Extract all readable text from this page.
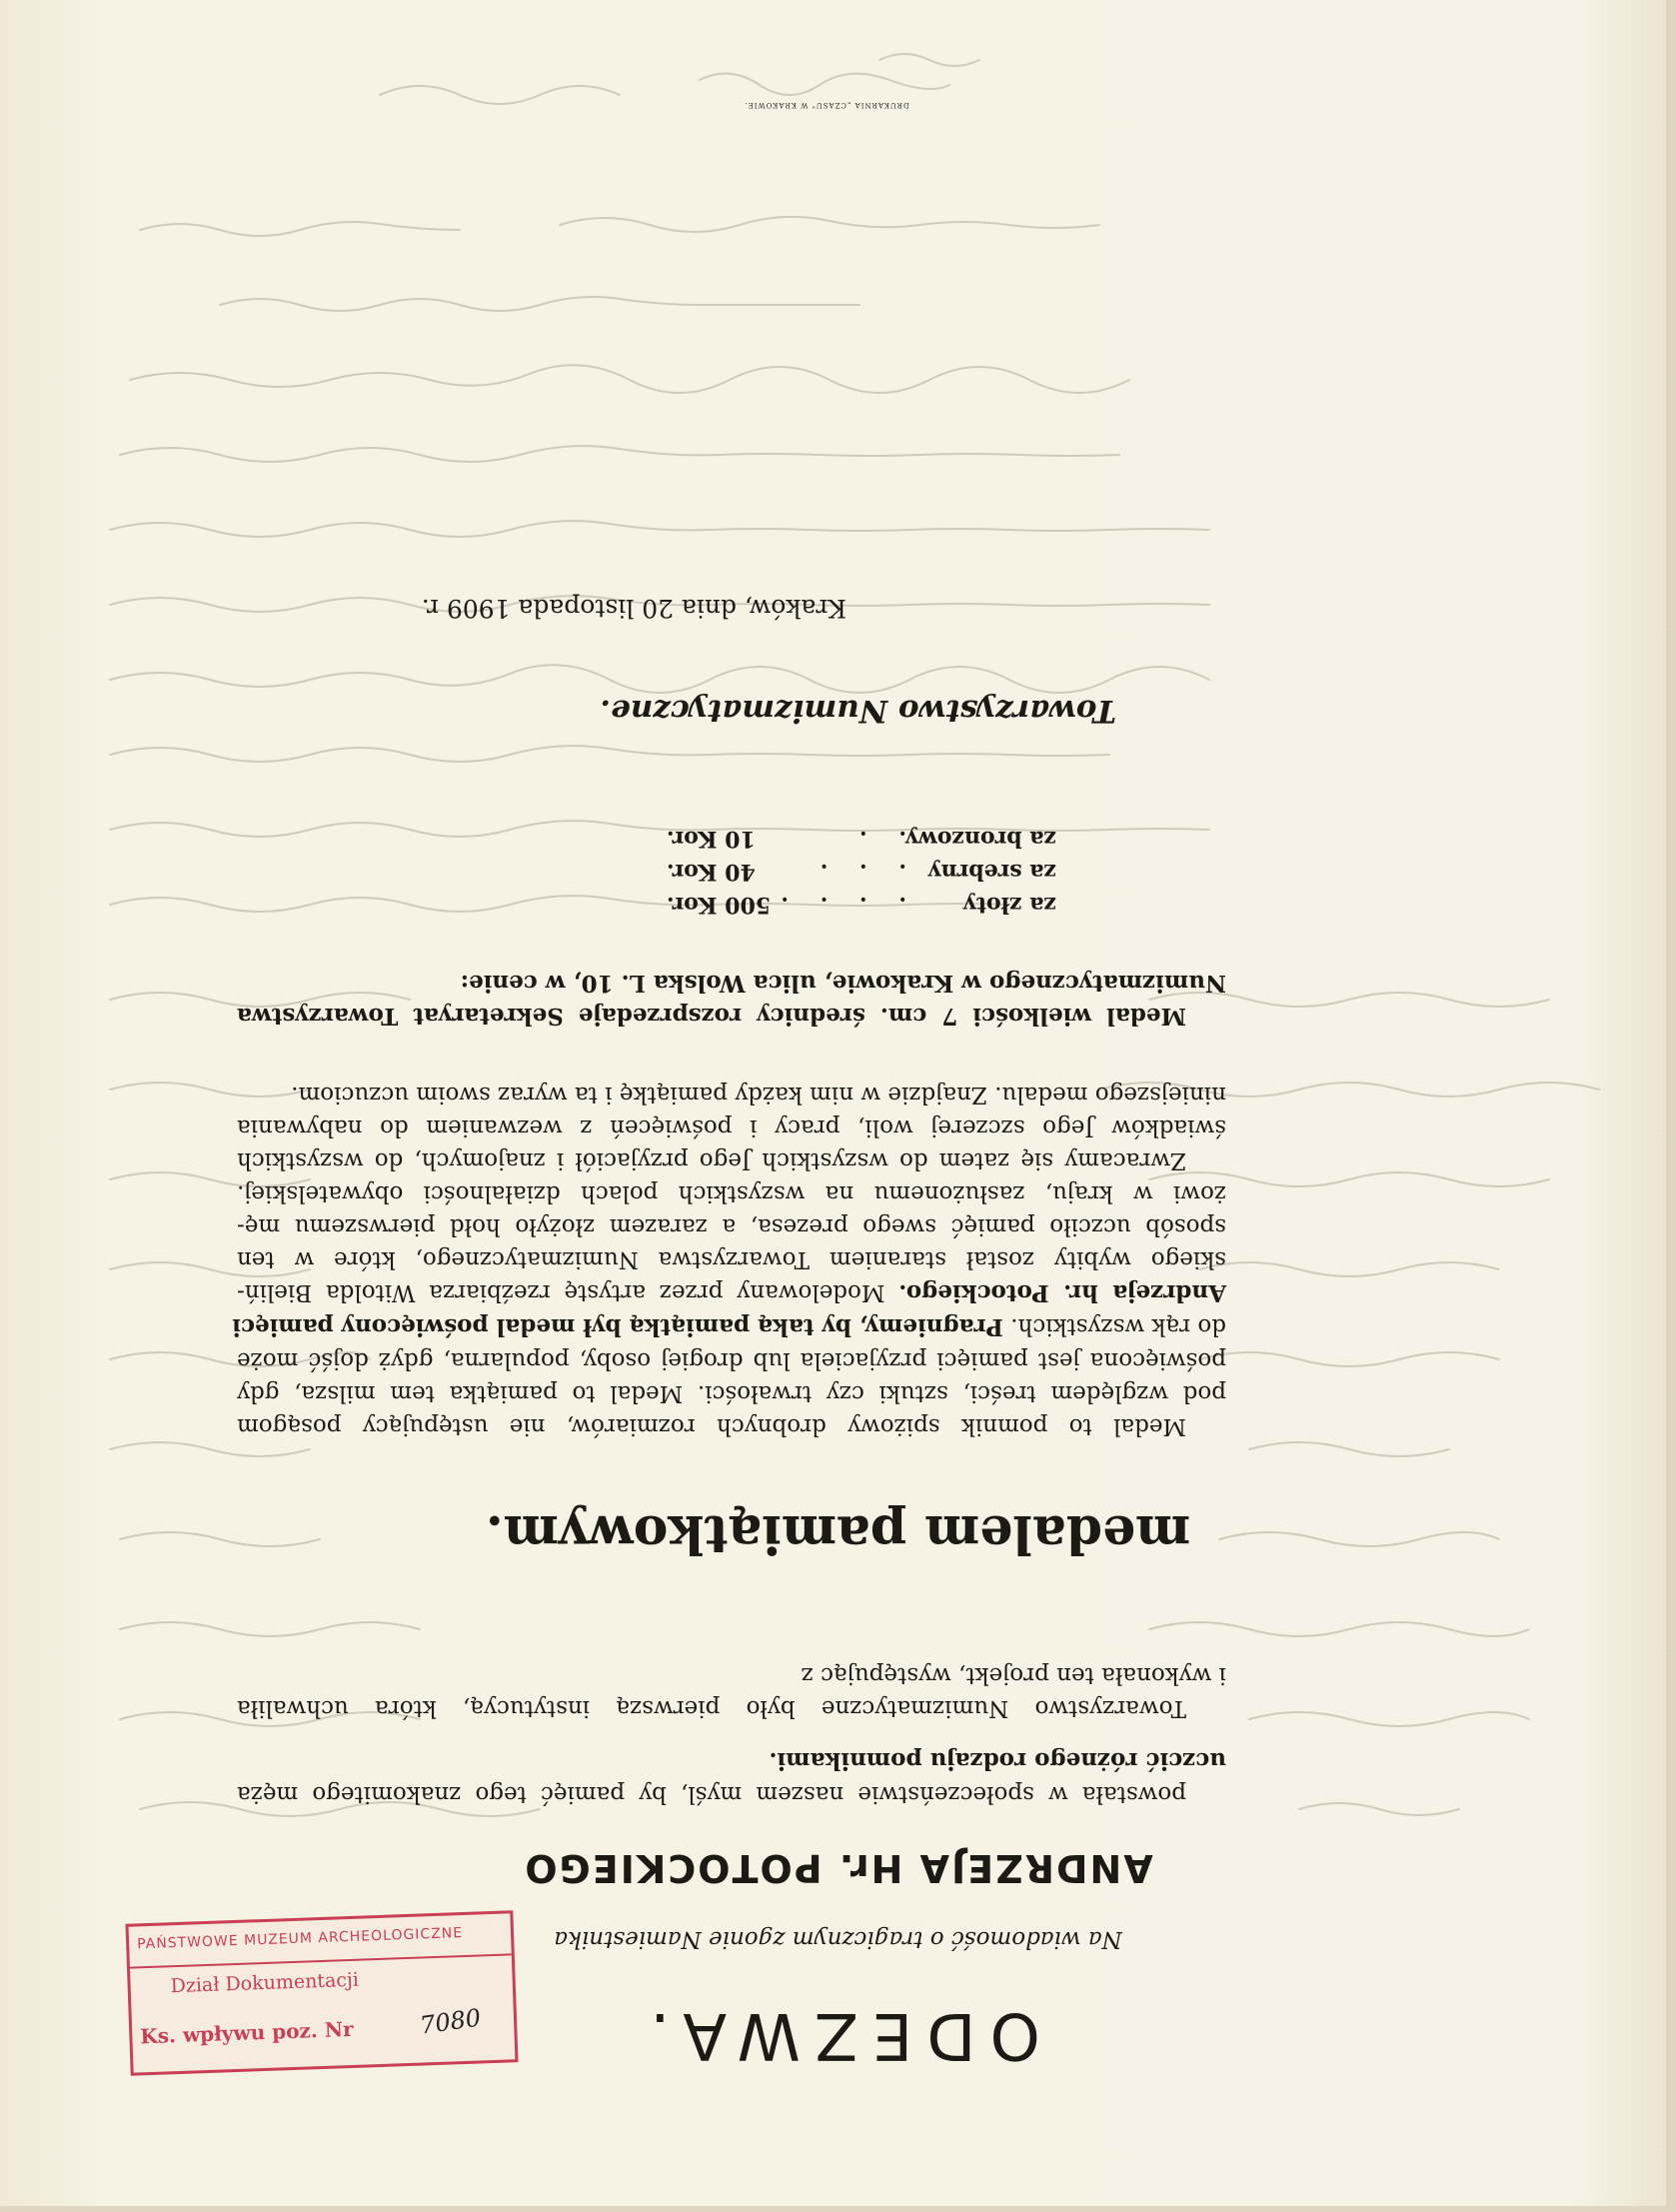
DRUKARNIA „CZASU" W KRAKOWIE.
ODEZWA.
Na wiadomość o tragicznym zgonie Namiestnika
ANDRZEJA Hr. POTOCKIEGO
powstała w społeczeństwie naszem myśl, by pamięć tego znakomitego męża
uczcić różnego rodzaju pomnikami.
Towarzystwo Numizmatyczne było pierwszą instytucyą, która uchwaliła
i wykonała ten projekt, występując z
medalem pamiątkowym.
Medal to pomnik spiżowy drobnych rozmiarów, nie ustępujący posągom
pod względem treści, sztuki czy trwałości. Medal to pamiątka tem milsza, gdy
poświęcona jest pamięci przyjaciela lub drogiej osoby, popularna, gdyż dojść może
do rąk wszystkich. Pragniemy, by taką pamiątką był medal poświęcony pamięci
Andrzeja hr. Potockiego. Modelowany przez artystę rzeźbiarza Witolda Bieliń-
skiego wybity został staraniem Towarzystwa Numizmatycznego, które w ten
sposób uczciło pamięć swego prezesa, a zarazem złożyło hołd pierwszemu mę-
żowi w kraju, zasłużonemu na wszystkich polach działalności obywatelskiej.
Zwracamy się zatem do wszystkich Jego przyjaciół i znajomych, do wszystkich
świadków Jego szczerej woli, pracy i poświęceń z wezwaniem do nabywania
niniejszego medalu. Znajdzie w nim każdy pamiątkę i ta wyraz swoim uczuciom.
Medal wielkości 7 cm. średnicy rozsprzedaje Sekretaryat Towarzystwa
Numizmatycznego w Krakowie, ulica Wolska L. 10, w cenie:
za złoty
. . . .
500 Kor.
za srebrny
. . .
40 Kor.
za bronzowy
. .
10 Kor.
Towarzystwo Numizmatyczne.
Kraków, dnia 20 listopada 1909 r.
PAŃSTWOWE MUZEUM ARCHEOLOGICZNE
Dział Dokumentacji
Ks. wpływu poz. Nr	7080
